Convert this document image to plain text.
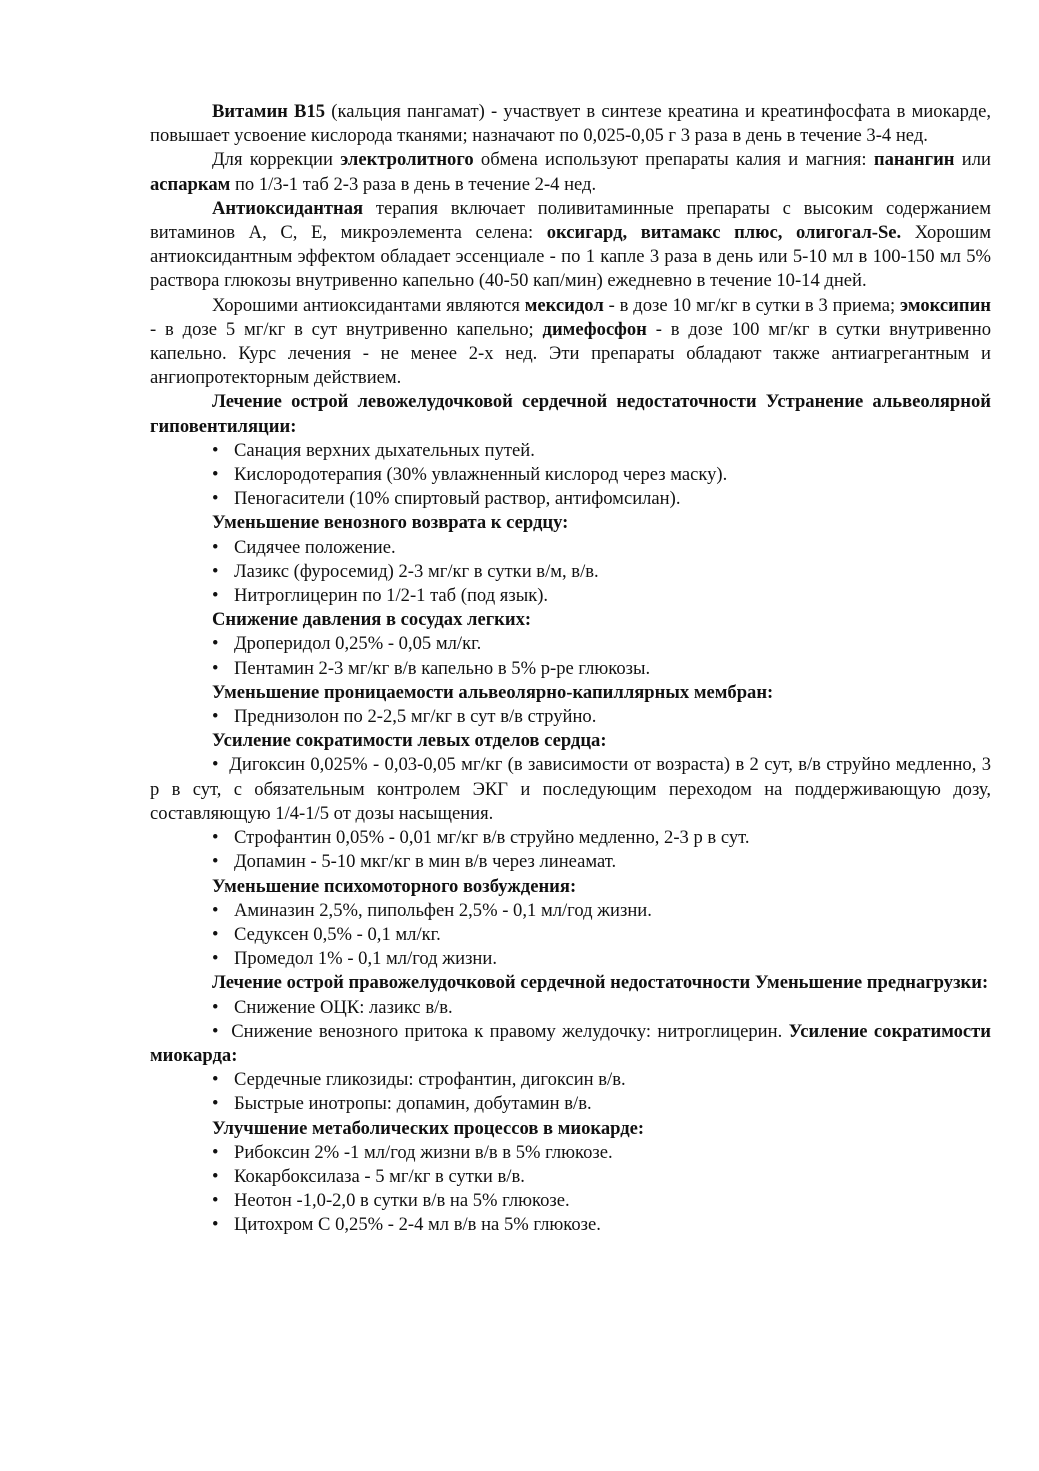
Витамин В15 (кальция пангамат) - участвует в синтезе креатина и креатинфосфата в миокарде, повышает усвоение кислорода тканями; назначают по 0,025-0,05 г 3 раза в день в течение 3-4 нед.

Для коррекции электролитного обмена используют препараты калия и магния: панангин или аспаркам по 1/3-1 таб 2-3 раза в день в течение 2-4 нед.

Антиоксидантная терапия включает поливитаминные препараты с высоким содержанием витаминов А, С, Е, микроэлемента селена: оксигард, витамакс плюс, олигогал-Se. Хорошим антиоксидантным эффектом обладает эссенциале - по 1 капле 3 раза в день или 5-10 мл в 100-150 мл 5% раствора глюкозы внутривенно капельно (40-50 кап/мин) ежедневно в течение 10-14 дней.

Хорошими антиоксидантами являются мексидол - в дозе 10 мг/кг в сутки в 3 приема; эмоксипин - в дозе 5 мг/кг в сут внутривенно капельно; димефосфон - в дозе 100 мг/кг в сутки внутривенно капельно. Курс лечения - не менее 2-х нед. Эти препараты обладают также антиагрегантным и ангиопротекторным действием.

Лечение острой левожелудочковой сердечной недостаточности Устранение альвеолярной гиповентиляции:

• Санация верхних дыхательных путей.
• Кислородотерапия (30% увлажненный кислород через маску).
• Пеногасители (10% спиртовый раствор, антифомсилан).

Уменьшение венозного возврата к сердцу:

• Сидячее положение.
• Лазикс (фуросемид) 2-3 мг/кг в сутки в/м, в/в.
• Нитроглицерин по 1/2-1 таб (под язык).

Снижение давления в сосудах легких:

• Дроперидол 0,25% - 0,05 мл/кг.
• Пентамин 2-3 мг/кг в/в капельно в 5% р-ре глюкозы.

Уменьшение проницаемости альвеолярно-капиллярных мембран:

• Преднизолон по 2-2,5 мг/кг в сут в/в струйно.

Усиление сократимости левых отделов сердца:

• Дигоксин 0,025% - 0,03-0,05 мг/кг (в зависимости от возраста) в 2 сут, в/в струйно медленно, 3 р в сут, с обязательным контролем ЭКГ и последующим переходом на поддерживающую дозу, составляющую 1/4-1/5 от дозы насыщения.

• Строфантин 0,05% - 0,01 мг/кг в/в струйно медленно, 2-3 р в сут.
• Допамин - 5-10 мкг/кг в мин в/в через линеамат.

Уменьшение психомоторного возбуждения:

• Аминазин 2,5%, пипольфен 2,5% - 0,1 мл/год жизни.
• Седуксен 0,5% - 0,1 мл/кг.
• Промедол 1% - 0,1 мл/год жизни.

Лечение острой правожелудочковой сердечной недостаточности Уменьшение преднагрузки:

• Снижение ОЦК: лазикс в/в.

• Снижение венозного притока к правому желудочку: нитроглицерин. Усиление сократимости миокарда:

• Сердечные гликозиды: строфантин, дигоксин в/в.
• Быстрые инотропы: допамин, добутамин в/в.

Улучшение метаболических процессов в миокарде:

• Рибоксин 2% -1 мл/год жизни в/в в 5% глюкозе.
• Кокарбоксилаза - 5 мг/кг в сутки в/в.
• Неотон -1,0-2,0 в сутки в/в на 5% глюкозе.
• Цитохром С 0,25% - 2-4 мл в/в на 5% глюкозе.
